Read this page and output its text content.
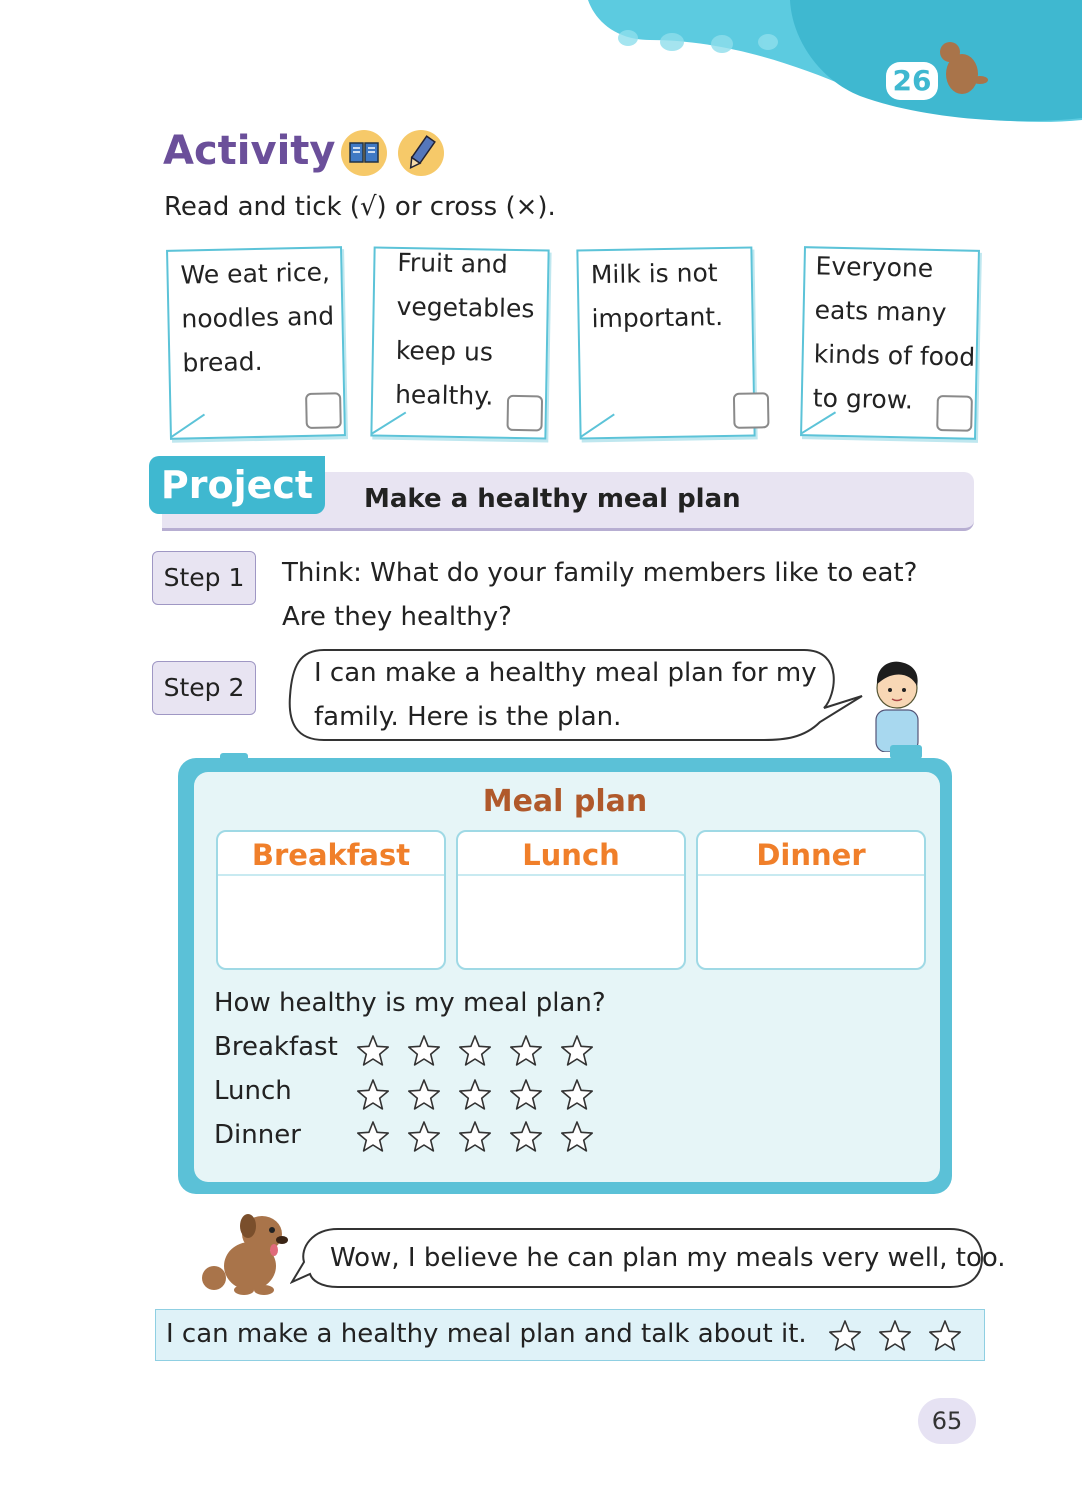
26
Activity
Read and tick (√) or cross (×).
We eat rice,
noodles and
bread.
Fruit and
vegetables
keep us
healthy.
Milk is not
important.
Everyone
eats many
kinds of food
to grow.
Project	Make a healthy meal plan
Step 1	Think: What do your family members like to eat?
Are they healthy?
Step 2	I can make a healthy meal plan for my
family. Here is the plan.
Meal plan
Breakfast	Lunch	Dinner
How healthy is my meal plan?
Breakfast
Lunch
Dinner
Wow, I believe he can plan my meals very well, too.
I can make a healthy meal plan and talk about it.
65
